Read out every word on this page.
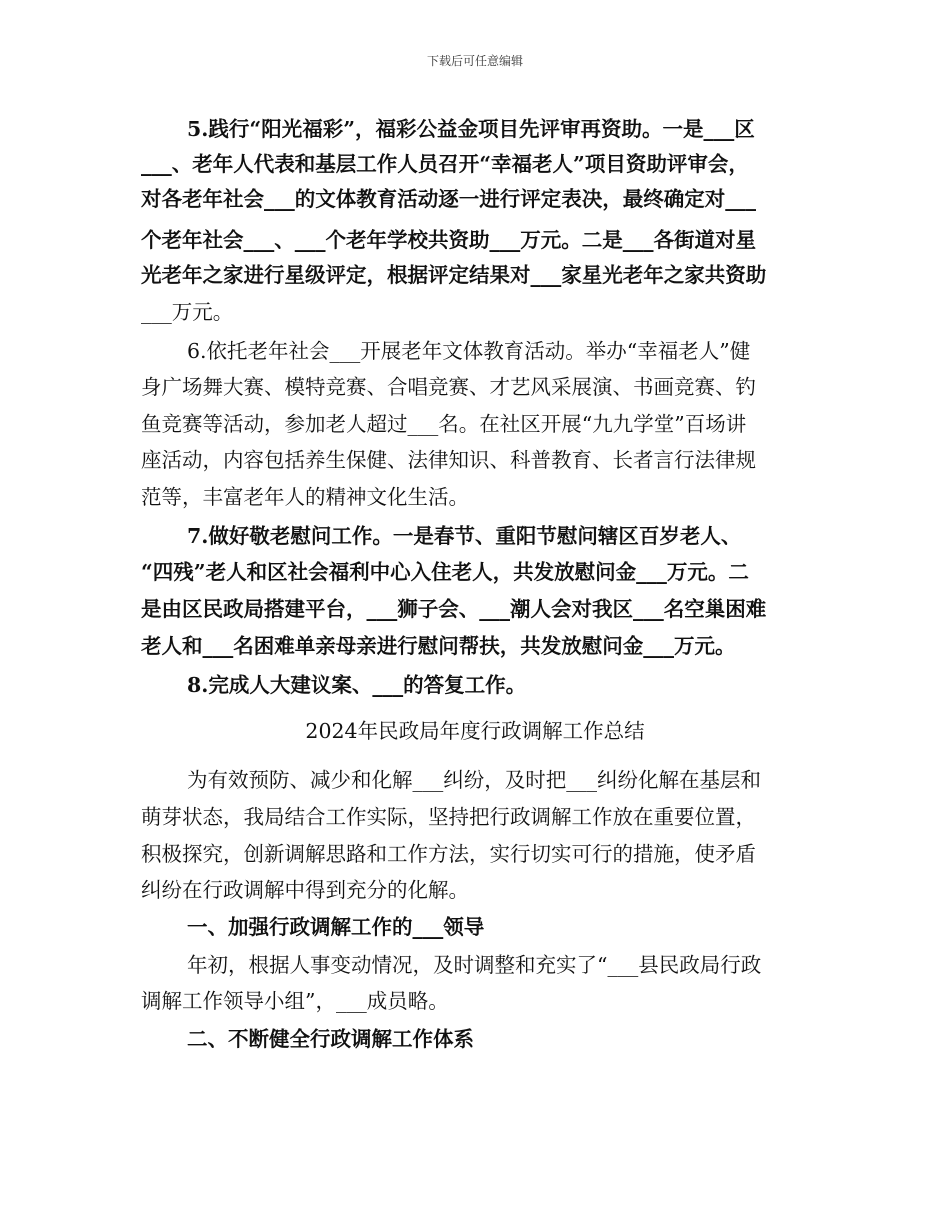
下载后可任意编辑
5.践行“阳光福彩”，福彩公益金项目先评审再资助。一是___区
___、老年人代表和基层工作人员召开“幸福老人”项目资助评审会，
对各老年社会___的文体教育活动逐一进行评定表决，最终确定对___
个老年社会___、___个老年学校共资助___万元。二是___各街道对星
光老年之家进行星级评定，根据评定结果对___家星光老年之家共资助
___万元。
6.依托老年社会___开展老年文体教育活动。举办“幸福老人”健
身广场舞大赛、模特竞赛、合唱竞赛、才艺风采展演、书画竞赛、钓
鱼竞赛等活动，参加老人超过___名。在社区开展“九九学堂”百场讲
座活动，内容包括养生保健、法律知识、科普教育、长者言行法律规
范等，丰富老年人的精神文化生活。
7.做好敬老慰问工作。一是春节、重阳节慰问辖区百岁老人、
“四残”老人和区社会福利中心入住老人，共发放慰问金___万元。二
是由区民政局搭建平台，___狮子会、___潮人会对我区___名空巢困难
老人和___名困难单亲母亲进行慰问帮扶，共发放慰问金___万元。
8.完成人大建议案、___的答复工作。
2024年民政局年度行政调解工作总结
为有效预防、减少和化解___纠纷，及时把___纠纷化解在基层和
萌芽状态，我局结合工作实际，坚持把行政调解工作放在重要位置，
积极探究，创新调解思路和工作方法，实行切实可行的措施，使矛盾
纠纷在行政调解中得到充分的化解。
一、加强行政调解工作的___领导
年初，根据人事变动情况，及时调整和充实了“___县民政局行政
调解工作领导小组”，___成员略。
二、不断健全行政调解工作体系
